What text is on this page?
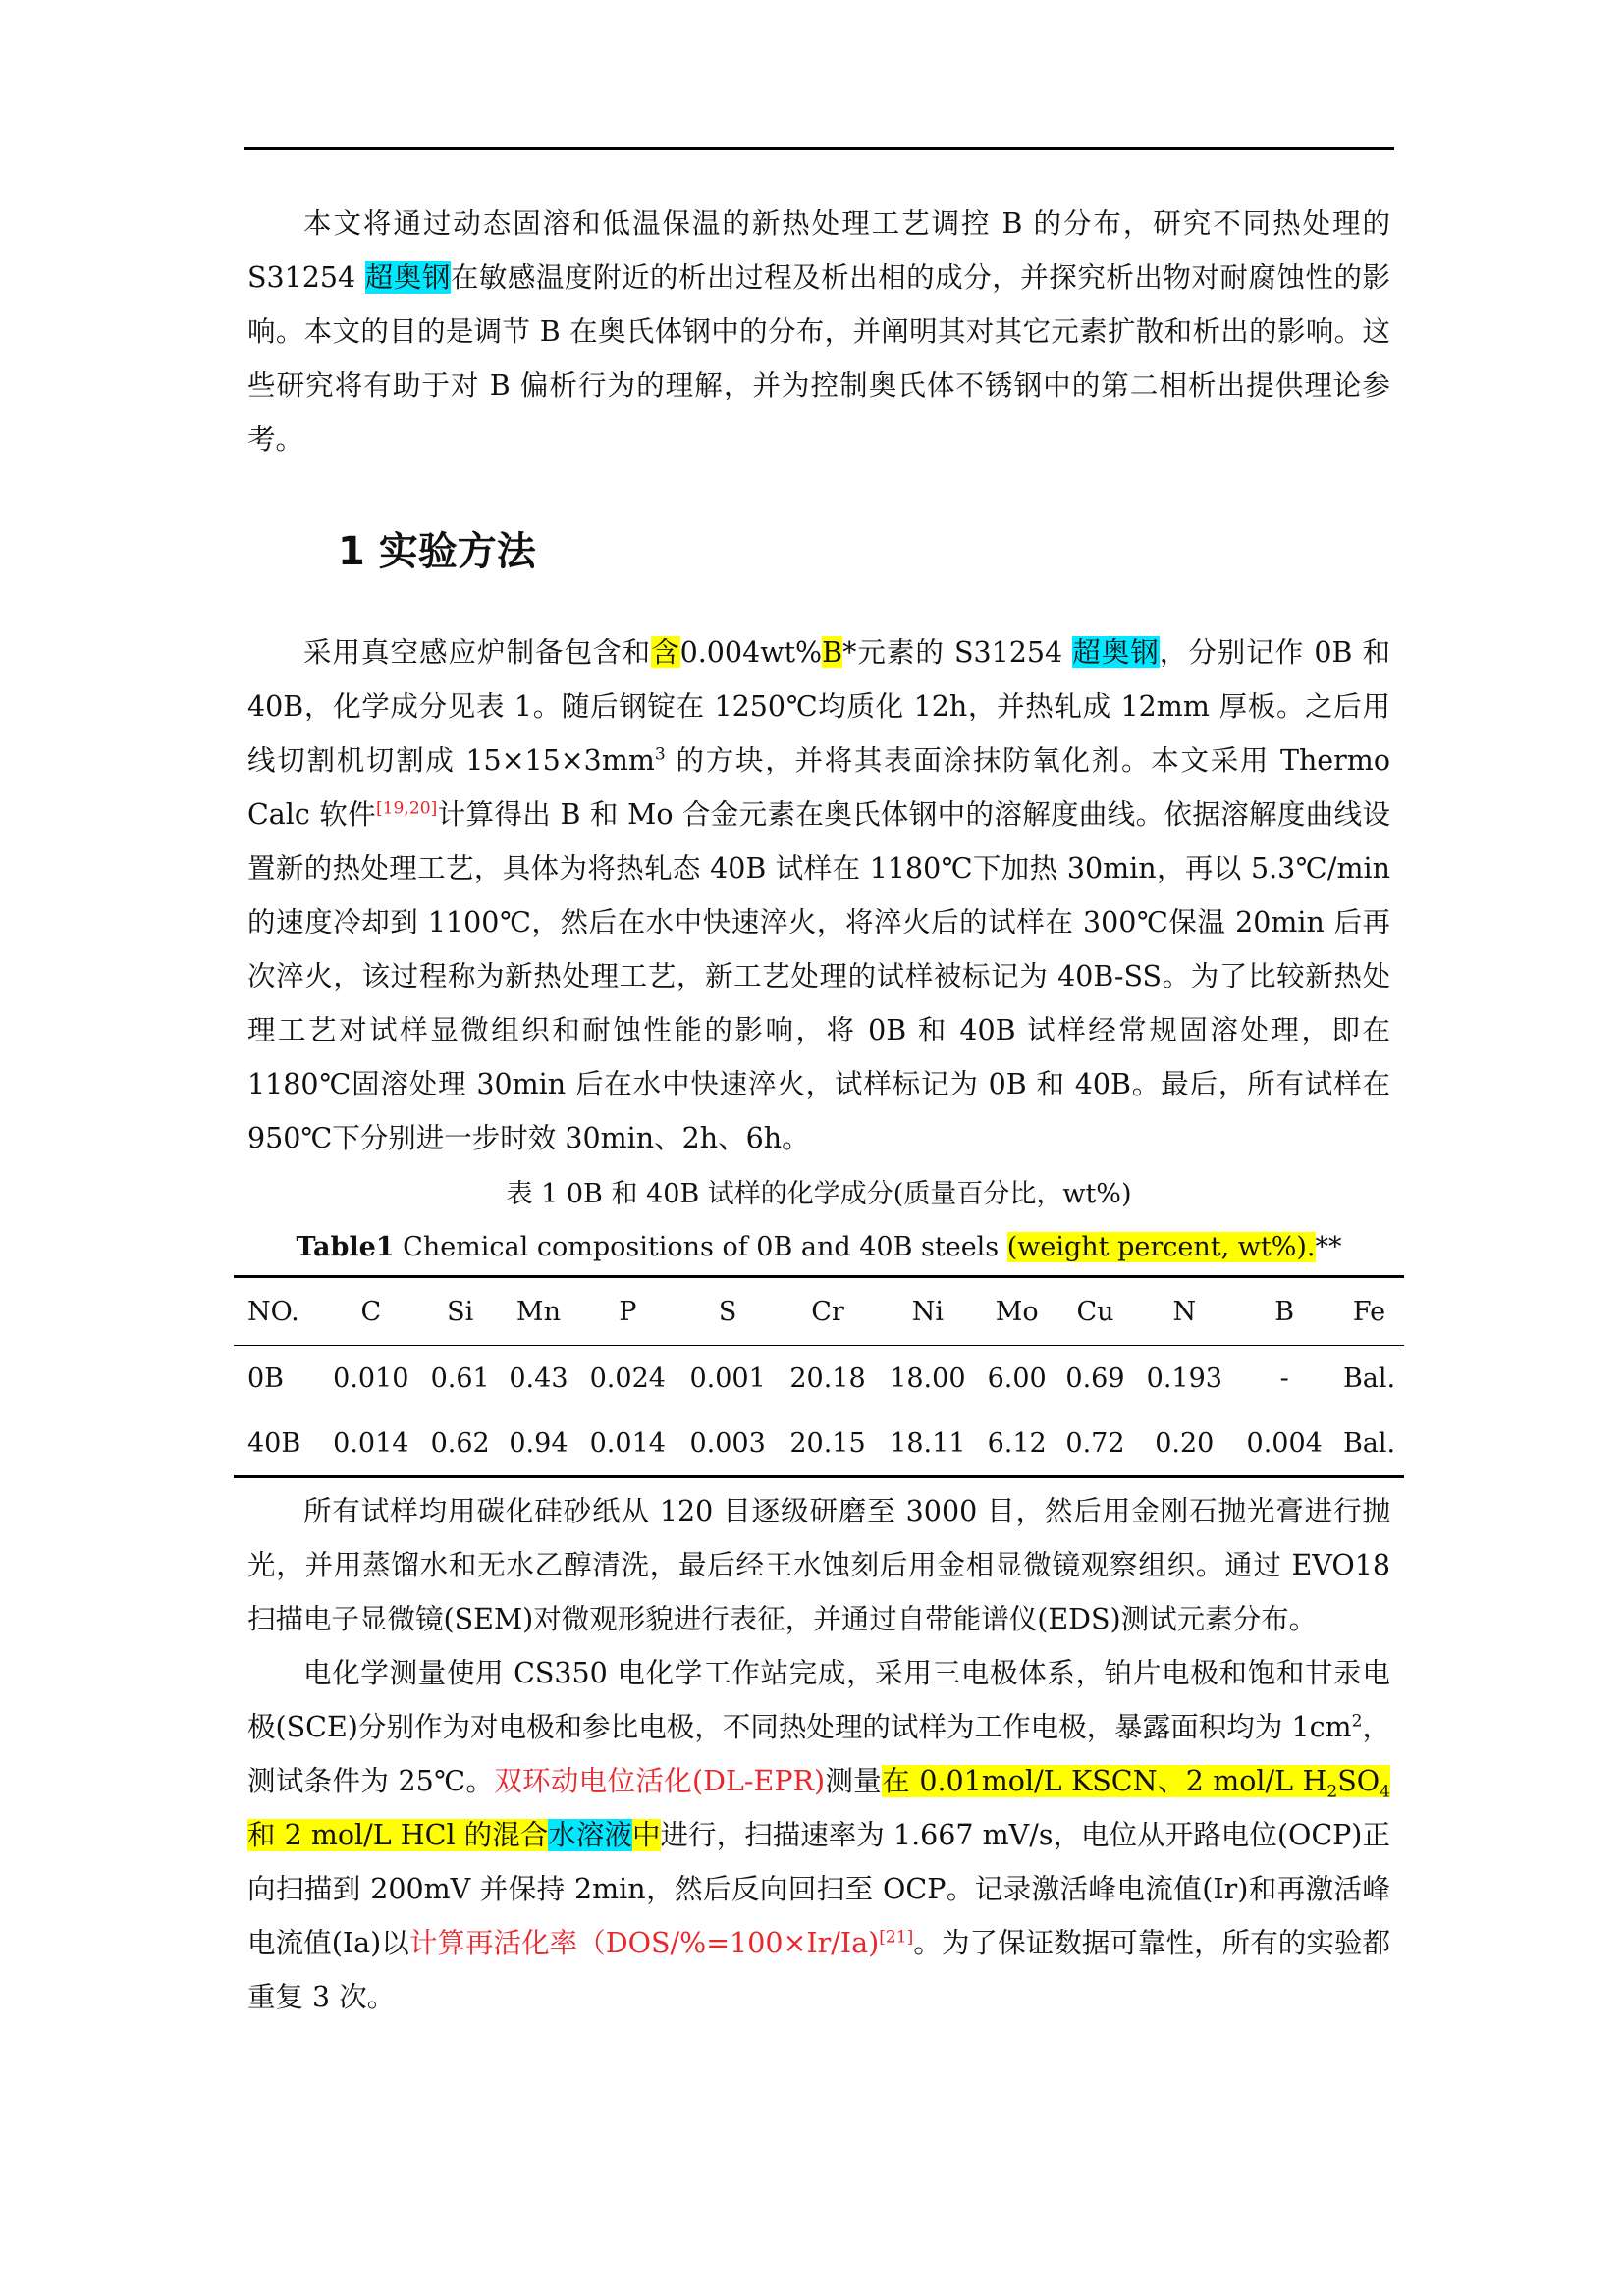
本文将通过动态固溶和低温保温的新热处理工艺调控 B 的分布，研究不同热处理的 S31254 超奥钢在敏感温度附近的析出过程及析出相的成分，并探究析出物对耐腐蚀性的影响。本文的目的是调节 B 在奥氏体钢中的分布，并阐明其对其它元素扩散和析出的影响。这些研究将有助于对 B 偏析行为的理解，并为控制奥氏体不锈钢中的第二相析出提供理论参考。

1 实验方法

采用真空感应炉制备包含和含0.004wt%B*元素的 S31254 超奥钢，分别记作 0B 和 40B，化学成分见表 1。随后钢锭在 1250℃均质化 12h，并热轧成 12mm 厚板。之后用线切割机切割成 $15\times 15\times 3mm^3$ 的方块，并将其表面涂抹防氧化剂。本文采用 Thermo Calc 软件[19,20]计算得出 B 和 Mo 合金元素在奥氏体钢中的溶解度曲线。依据溶解度曲线设置新的热处理工艺，具体为将热轧态 40B 试样在 1180℃下加热 30min，再以 5.3℃/min 的速度冷却到 1100℃，然后在水中快速淬火，将淬火后的试样在 300℃保温 20min 后再次淬火，该过程称为新热处理工艺，新工艺处理的试样被标记为 40B-SS。为了比较新热处理工艺对试样显微组织和耐蚀性能的影响，将 0B 和 40B 试样经常规固溶处理，即在 1180℃固溶处理 30min 后在水中快速淬火，试样标记为 0B 和 40B。最后，所有试样在 950℃下分别进一步时效 30min、2h、6h。

表 1 0B 和 40B 试样的化学成分(质量百分比，wt%)
Table1 Chemical compositions of 0B and 40B steels (weight percent, wt%).**
NO.	C	Si	Mn	P	S	Cr	Ni	Mo	Cu	N	B	Fe
0B	0.010	0.61	0.43	0.024	0.001	20.18	18.00	6.00	0.69	0.193	-	Bal.
40B	0.014	0.62	0.94	0.014	0.003	20.15	18.11	6.12	0.72	0.20	0.004	Bal.

所有试样均用碳化硅砂纸从 120 目逐级研磨至 3000 目，然后用金刚石抛光膏进行抛光，并用蒸馏水和无水乙醇清洗，最后经王水蚀刻后用金相显微镜观察组织。通过 EVO18 扫描电子显微镜(SEM)对微观形貌进行表征，并通过自带能谱仪(EDS)测试元素分布。

电化学测量使用 CS350 电化学工作站完成，采用三电极体系，铂片电极和饱和甘汞电极(SCE)分别作为对电极和参比电极，不同热处理的试样为工作电极，暴露面积均为 $1cm^2$，测试条件为 25℃。双环动电位活化(DL-EPR)测量在 0.01mol/L KSCN、2 mol/L $H_2SO_4$ 和 2 mol/L HCl 的混合水溶液中进行，扫描速率为 1.667 mV/s，电位从开路电位(OCP)正向扫描到 200mV 并保持 2min，然后反向回扫至 OCP。记录激活峰电流值(Ir)和再激活峰电流值(Ia)以计算再活化率（DOS/%=100×Ir/Ia)[21]。为了保证数据可靠性，所有的实验都重复 3 次。
